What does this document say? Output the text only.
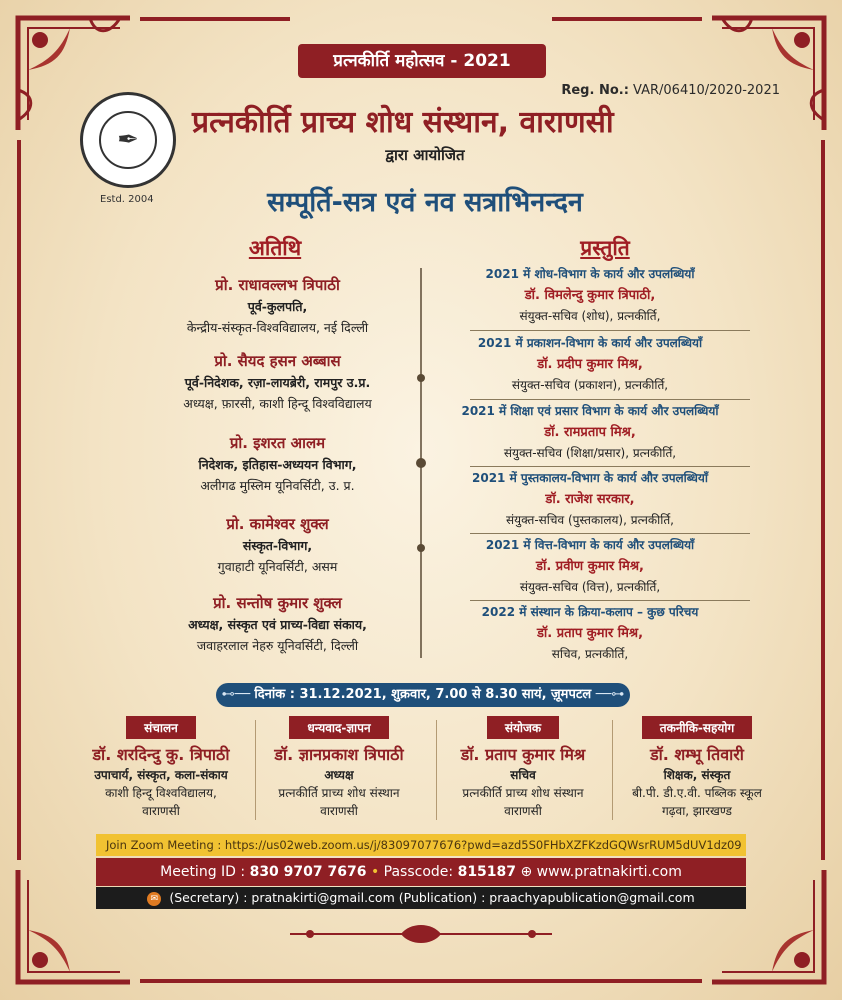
प्रत्नकीर्ति महोत्सव - 2021
Reg. No.: VAR/06410/2020-2021
✒
Estd. 2004
प्रत्नकीर्ति प्राच्य शोध संस्थान, वाराणसी
द्वारा आयोजित
सम्पूर्ति-सत्र एवं नव सत्राभिनन्दन
अतिथि
प्रो. राधावल्लभ त्रिपाठी
पूर्व-कुलपति,
केन्द्रीय-संस्कृत-विश्वविद्यालय, नई दिल्ली
प्रो. सैयद हसन अब्बास
पूर्व-निदेशक, रज़ा-लायब्रेरी, रामपुर उ.प्र.
अध्यक्ष, फ़ारसी, काशी हिन्दू विश्वविद्यालय
प्रो. इशरत आलम
निदेशक, इतिहास-अध्ययन विभाग,
अलीगढ मुस्लिम यूनिवर्सिटी, उ. प्र.
प्रो. कामेश्वर शुक्ल
संस्कृत-विभाग,
गुवाहाटी यूनिवर्सिटी, असम
प्रो. सन्तोष कुमार शुक्ल
अध्यक्ष, संस्कृत एवं प्राच्य-विद्या संकाय,
जवाहरलाल नेहरु यूनिवर्सिटी, दिल्ली
प्रस्तुति
2021 में शोध-विभाग के कार्य और उपलब्धियाँ
डॉ. विमलेन्दु कुमार त्रिपाठी,
संयुक्त-सचिव (शोध), प्रत्नकीर्ति,
2021 में प्रकाशन-विभाग के कार्य और उपलब्धियाँ
डॉ. प्रदीप कुमार मिश्र,
संयुक्त-सचिव (प्रकाशन), प्रत्नकीर्ति,
2021 में शिक्षा एवं प्रसार विभाग के कार्य और उपलब्धियाँ
डॉ. रामप्रताप मिश्र,
संयुक्त-सचिव (शिक्षा/प्रसार), प्रत्नकीर्ति,
2021 में पुस्तकालय-विभाग के कार्य और उपलब्धियाँ
डॉ. राजेश सरकार,
संयुक्त-सचिव (पुस्तकालय), प्रत्नकीर्ति,
2021 में वित्त-विभाग के कार्य और उपलब्धियाँ
डॉ. प्रवीण कुमार मिश्र,
संयुक्त-सचिव (वित्त), प्रत्नकीर्ति,
2022 में संस्थान के क्रिया-कलाप – कुछ परिचय
डॉ. प्रताप कुमार मिश्र,
सचिव, प्रत्नकीर्ति,
⊷── दिनांक : 31.12.2021, शुक्रवार, 7.00 से 8.30 सायं, ज़ूमपटल ──⊶
संचालन
डॉ. शरदिन्दु कु. त्रिपाठी
उपाचार्य, संस्कृत, कला-संकाय
काशी हिन्दू विश्वविद्यालय,
वाराणसी
धन्यवाद-ज्ञापन
डॉ. ज्ञानप्रकाश त्रिपाठी
अध्यक्ष
प्रत्नकीर्ति प्राच्य शोध संस्थान
वाराणसी
संयोजक
डॉ. प्रताप कुमार मिश्र
सचिव
प्रत्नकीर्ति प्राच्य शोध संस्थान
वाराणसी
तकनीकि-सहयोग
डॉ. शम्भू तिवारी
शिक्षक, संस्कृत
बी.पी. डी.ए.वी. पब्लिक स्कूल
गढ़वा, झारखण्ड
Join Zoom Meeting : https://us02web.zoom.us/j/83097077676?pwd=azd5S0FHbXZFKzdGQWsrRUM5dUV1dz09
Meeting ID : 830 9707 7676 • Passcode: 815187 ⊕ www.pratnakirti.com
✉ (Secretary) : pratnakirti@gmail.com (Publication) : praachyapublication@gmail.com
